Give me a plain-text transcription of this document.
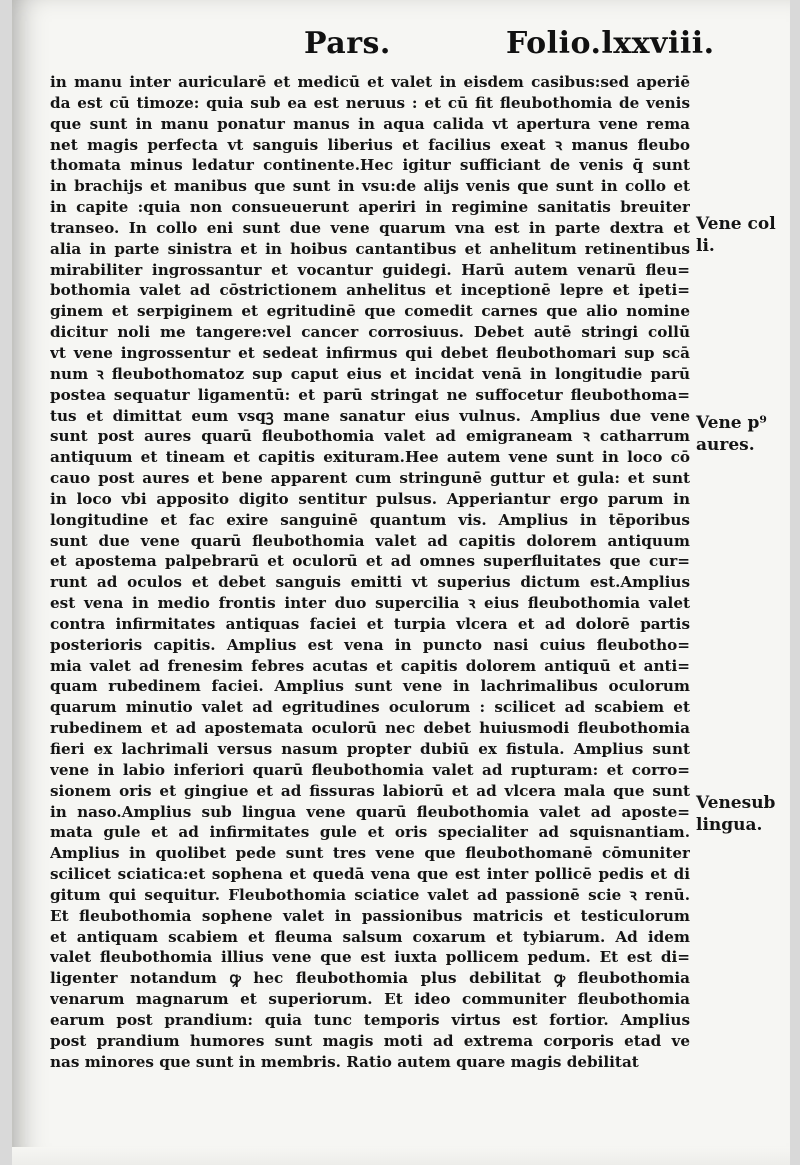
Pars.	Folio.lxxviii.
in manu inter auricularē et medicū et valet in eisdem casibus:sed aperiē
da est cū timoze: quia sub ea est neruus : et cū fit fleubothomia de venis
que sunt in manu ponatur manus in aqua calida vt apertura vene rema
net magis perfecta vt sanguis liberius et facilius exeat ꝛ manus fleubo
thomata minus ledatur continente.Hec igitur sufficiant de venis q̄ sunt
in brachijs et manibus que sunt in vsu:de alijs venis que sunt in collo et
in capite :quia non consueuerunt aperiri in regimine sanitatis breuiter
transeo. In collo eni sunt due vene quarum vna est in parte dextra et
alia in parte sinistra et in hoibus cantantibus et anhelitum retinentibus
mirabiliter ingrossantur et vocantur guidegi. Harū autem venarū fleu=
bothomia valet ad cōstrictionem anhelitus et inceptionē lepre et ipeti=
ginem et serpiginem et egritudinē que comedit carnes que alio nomine
dicitur noli me tangere:vel cancer corrosiuus. Debet autē stringi collū
vt vene ingrossentur et sedeat infirmus qui debet fleubothomari sup scā
num ꝛ fleubothomatoz sup caput eius et incidat venā in longitudie parū
postea sequatur ligamentū: et parū stringat ne suffocetur fleubothoma=
tus et dimittat eum vsqꝫ mane sanatur eius vulnus. Amplius due vene
sunt post aures quarū fleubothomia valet ad emigraneam ꝛ catharrum
antiquum et tineam et capitis exituram.Hee autem vene sunt in loco cō
cauo post aures et bene apparent cum stringunē guttur et gula: et sunt
in loco vbi apposito digito sentitur pulsus. Apperiantur ergo parum in
longitudine et fac exire sanguinē quantum vis. Amplius in tēporibus
sunt due vene quarū fleubothomia valet ad capitis dolorem antiquum
et apostema palpebrarū et oculorū et ad omnes superfluitates que cur=
runt ad oculos et debet sanguis emitti vt superius dictum est.Amplius
est vena in medio frontis inter duo supercilia ꝛ eius fleubothomia valet
contra infirmitates antiquas faciei et turpia vlcera et ad dolorē partis
posterioris capitis. Amplius est vena in puncto nasi cuius fleubotho=
mia valet ad frenesim febres acutas et capitis dolorem antiquū et anti=
quam rubedinem faciei. Amplius sunt vene in lachrimalibus oculorum
quarum minutio valet ad egritudines oculorum : scilicet ad scabiem et
rubedinem et ad apostemata oculorū nec debet huiusmodi fleubothomia
fieri ex lachrimali versus nasum propter dubiū ex fistula. Amplius sunt
vene in labio inferiori quarū fleubothomia valet ad rupturam: et corro=
sionem oris et gingiue et ad fissuras labiorū et ad vlcera mala que sunt
in naso.Amplius sub lingua vene quarū fleubothomia valet ad aposte=
mata gule et ad infirmitates gule et oris specialiter ad squisnantiam.
Amplius in quolibet pede sunt tres vene que fleubothomanē cōmuniter
scilicet sciatica:et sophena et quedā vena que est inter pollicē pedis et di
gitum qui sequitur. Fleubothomia sciatice valet ad passionē scie ꝛ renū.
Et fleubothomia sophene valet in passionibus matricis et testiculorum
et antiquam scabiem et fleuma salsum coxarum et tybiarum. Ad idem
valet fleubothomia illius vene que est iuxta pollicem pedum. Et est di=
ligenter notandum ꝙ hec fleubothomia plus debilitat ꝙ fleubothomia
venarum magnarum et superiorum. Et ideo communiter fleubothomia
earum post prandium: quia tunc temporis virtus est fortior. Amplius
post prandium humores sunt magis moti ad extrema corporis etad ve
nas minores que sunt in membris. Ratio autem quare magis debilitat
Vene col
li.
Vene p⁹
aures.
Venesub
lingua.
